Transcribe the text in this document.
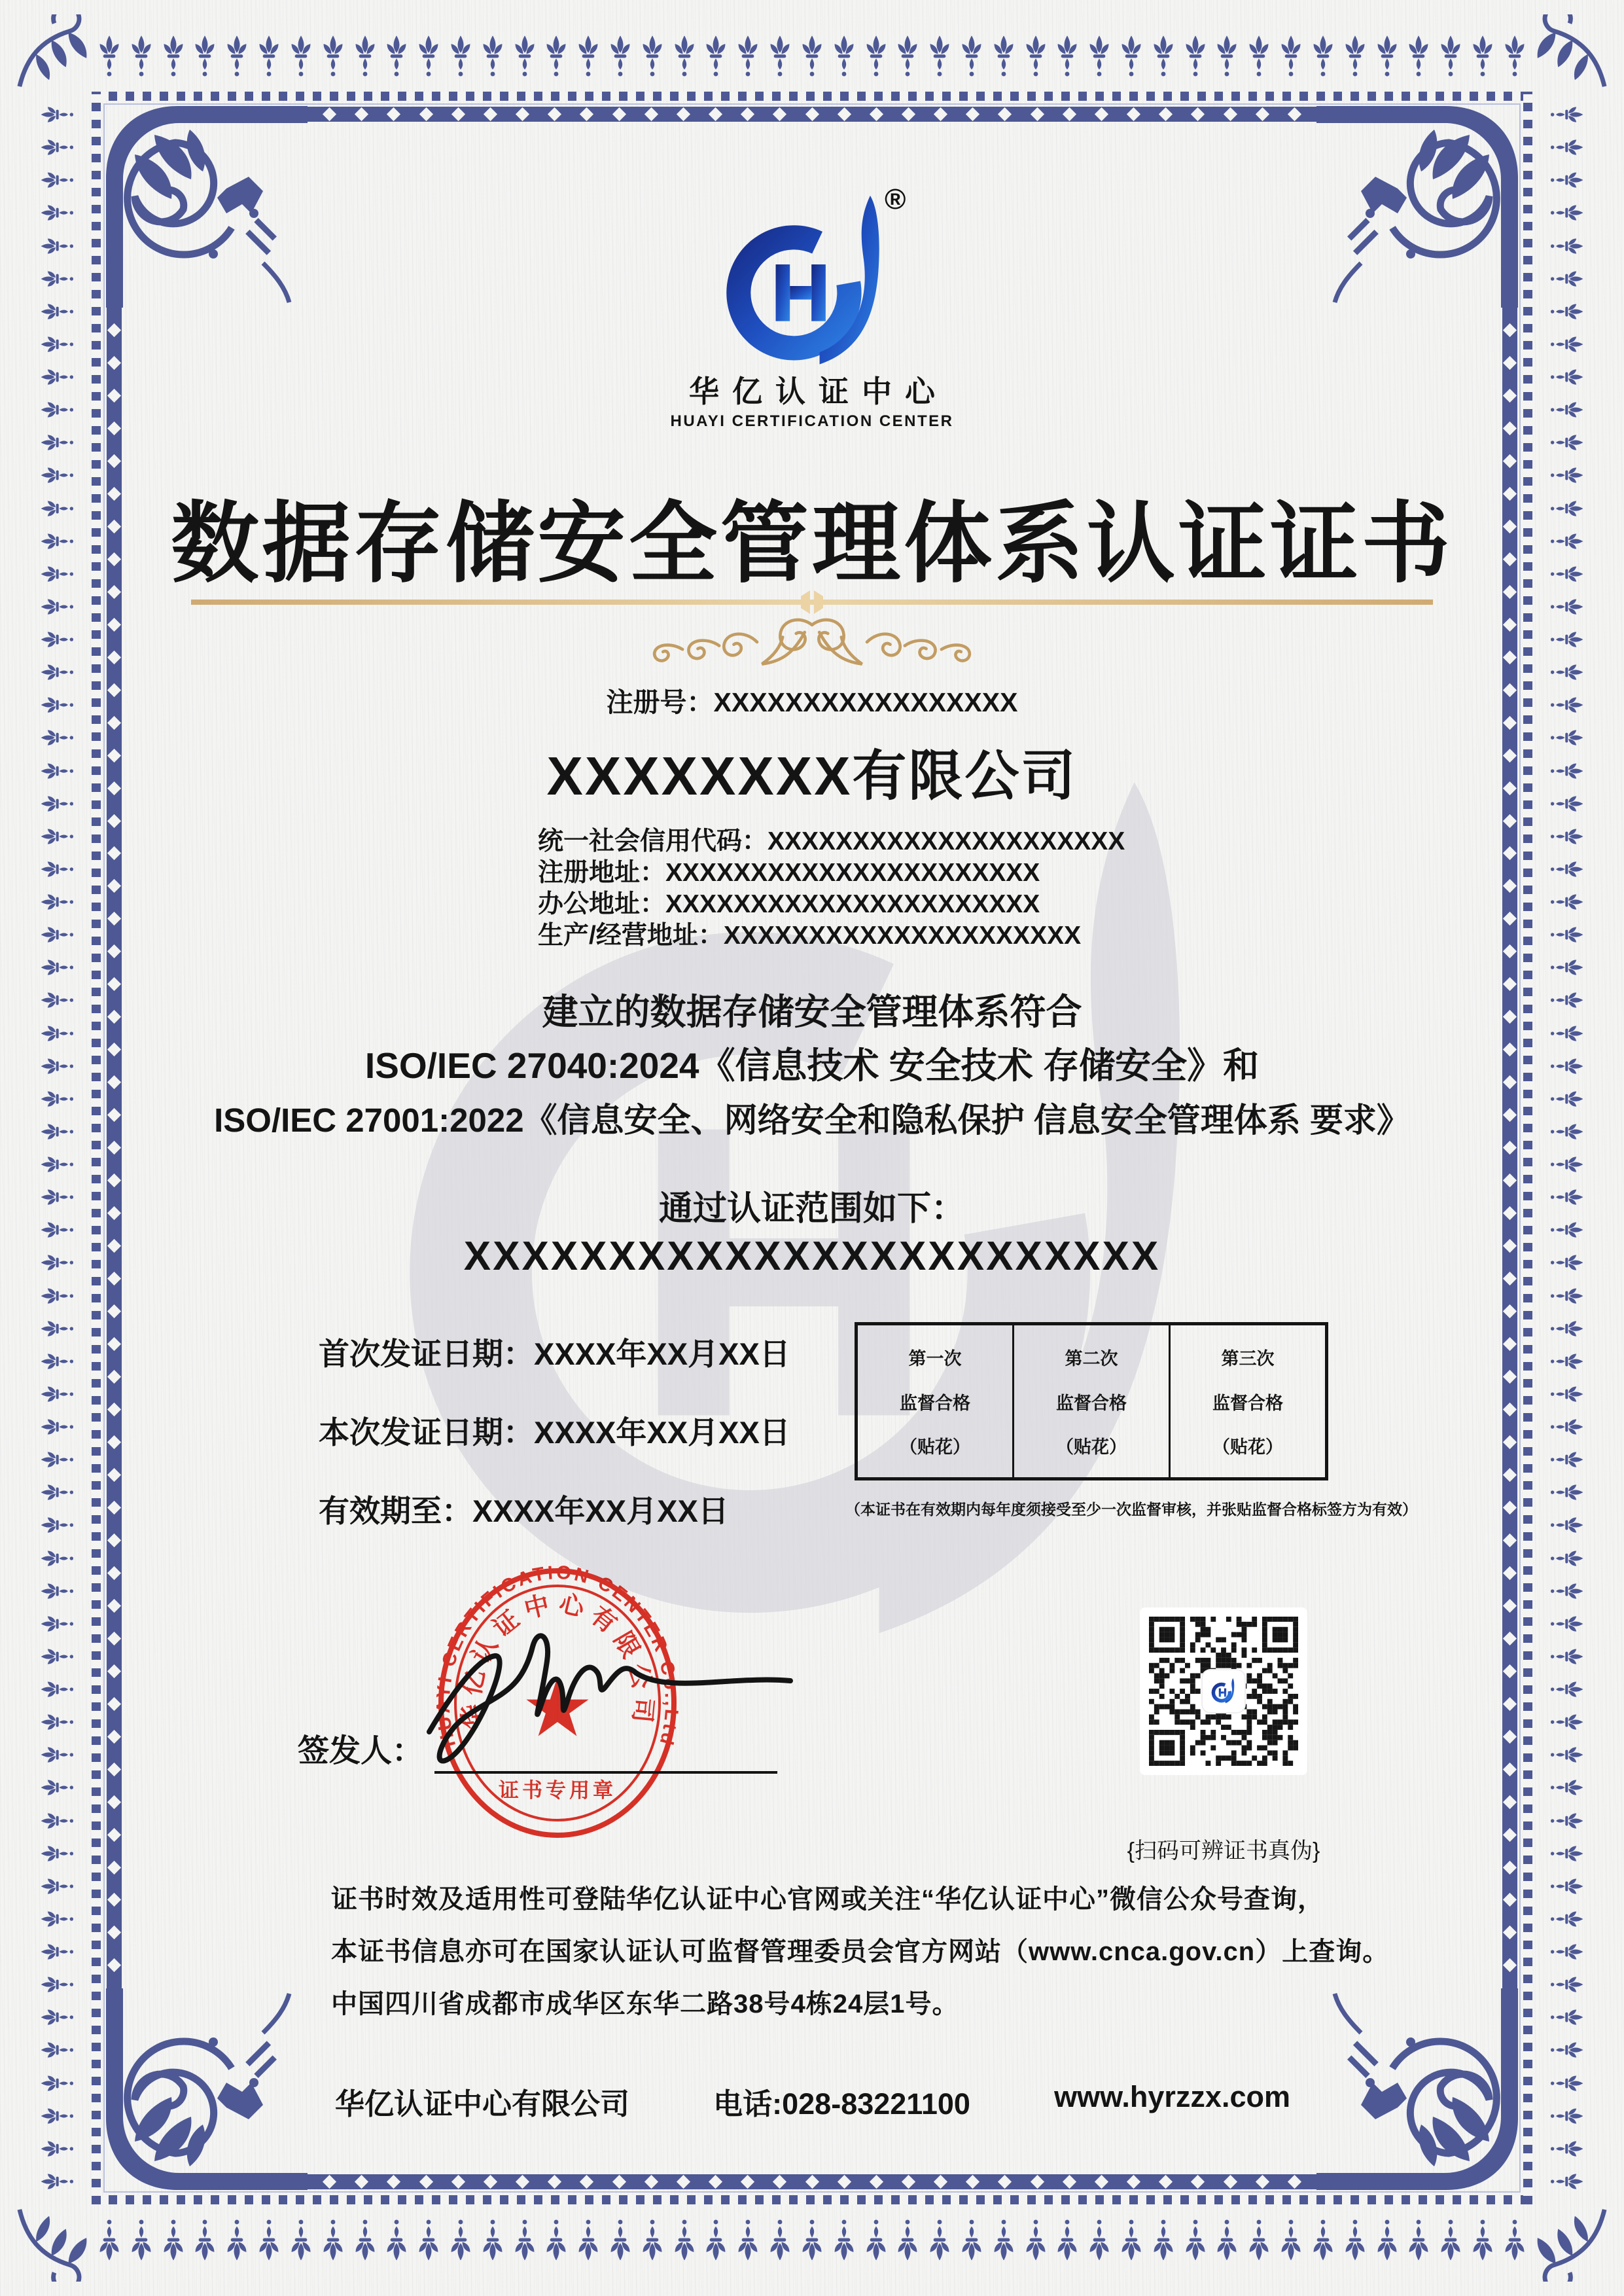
®
华亿认证中心
HUAYI CERTIFICATION CENTER
数据存储安全管理体系认证证书
注册号：XXXXXXXXXXXXXXXXX
XXXXXXXX有限公司
统一社会信用代码：XXXXXXXXXXXXXXXXXXXXX
注册地址：XXXXXXXXXXXXXXXXXXXXXX
办公地址：XXXXXXXXXXXXXXXXXXXXXX
生产/经营地址：XXXXXXXXXXXXXXXXXXXXX
建立的数据存储安全管理体系符合
ISO/IEC 27040:2024《信息技术 安全技术 存储安全》和
ISO/IEC 27001:2022《信息安全、网络安全和隐私保护 信息安全管理体系 要求》
通过认证范围如下：
XXXXXXXXXXXXXXXXXXXXXXXX
首次发证日期：XXXX年XX月XX日
本次发证日期：XXXX年XX月XX日
有效期至：XXXX年XX月XX日
第一次
监督合格
（贴花）
第二次
监督合格
（贴花）
第三次
监督合格
（贴花）
（本证书在有效期内每年度须接受至少一次监督审核，并张贴监督合格标签方为有效）
HUAYI CERTIFICATION CENTER Co.,Ltd
华亿认证中心有限公司
证书专用章
签发人：
{扫码可辨证书真伪}
证书时效及适用性可登陆华亿认证中心官网或关注“华亿认证中心”微信公众号查询，
本证书信息亦可在国家认证认可监督管理委员会官方网站（www.cnca.gov.cn）上查询。
中国四川省成都市成华区东华二路38号4栋24层1号。
华亿认证中心有限公司	电话:028-83221100	www.hyrzzx.com
